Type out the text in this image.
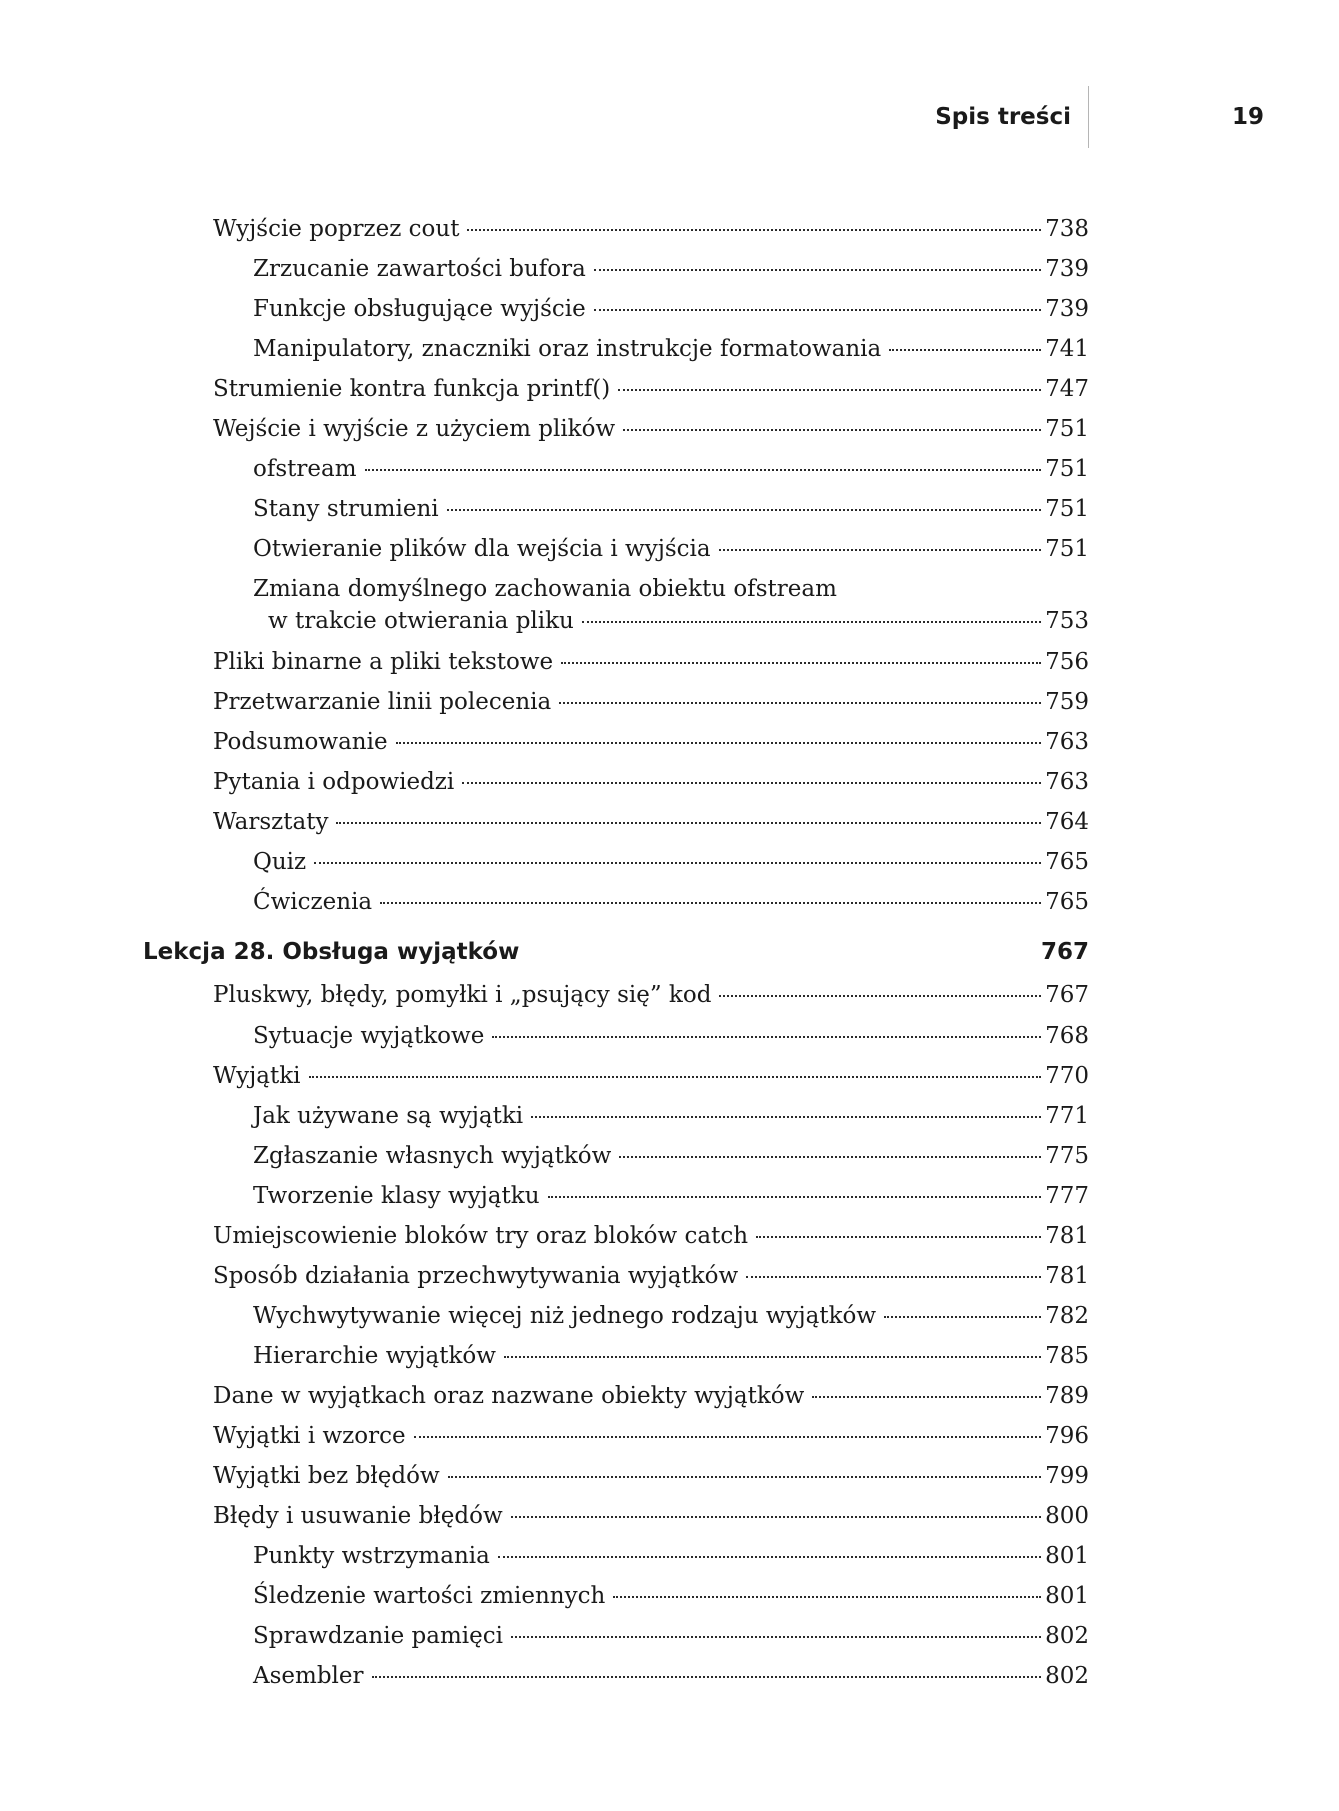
Spis treści	19
Wyjście poprzez cout	738
Zrzucanie zawartości bufora	739
Funkcje obsługujące wyjście	739
Manipulatory, znaczniki oraz instrukcje formatowania	741
Strumienie kontra funkcja printf()	747
Wejście i wyjście z użyciem plików	751
ofstream	751
Stany strumieni	751
Otwieranie plików dla wejścia i wyjścia	751
Zmiana domyślnego zachowania obiektu ofstream
w trakcie otwierania pliku	753
Pliki binarne a pliki tekstowe	756
Przetwarzanie linii polecenia	759
Podsumowanie	763
Pytania i odpowiedzi	763
Warsztaty	764
Quiz	765
Ćwiczenia	765
Lekcja 28. Obsługa wyjątków	767
Pluskwy, błędy, pomyłki i „psujący się” kod	767
Sytuacje wyjątkowe	768
Wyjątki	770
Jak używane są wyjątki	771
Zgłaszanie własnych wyjątków	775
Tworzenie klasy wyjątku	777
Umiejscowienie bloków try oraz bloków catch	781
Sposób działania przechwytywania wyjątków	781
Wychwytywanie więcej niż jednego rodzaju wyjątków	782
Hierarchie wyjątków	785
Dane w wyjątkach oraz nazwane obiekty wyjątków	789
Wyjątki i wzorce	796
Wyjątki bez błędów	799
Błędy i usuwanie błędów	800
Punkty wstrzymania	801
Śledzenie wartości zmiennych	801
Sprawdzanie pamięci	802
Asembler	802
